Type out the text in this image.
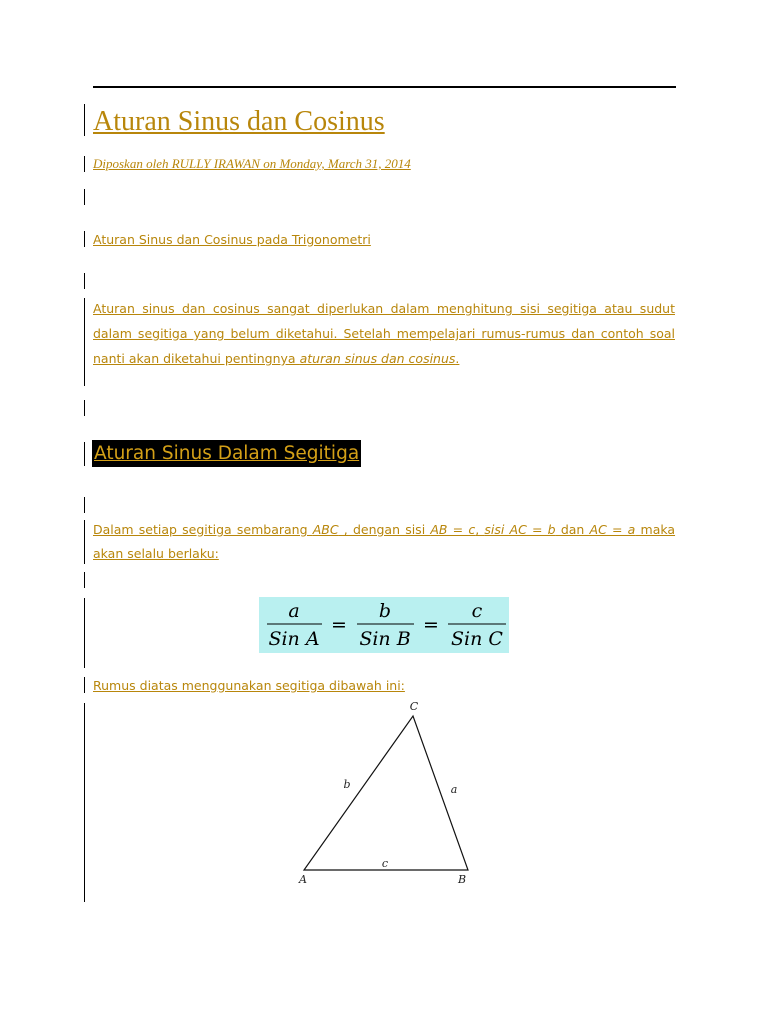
Aturan Sinus dan Cosinus
Diposkan oleh RULLY IRAWAN on Monday, March 31, 2014
Aturan Sinus dan Cosinus pada Trigonometri

Aturan sinus dan cosinus sangat diperlukan dalam menghitung sisi segitiga atau sudut dalam segitiga yang belum diketahui. Setelah mempelajari rumus-rumus dan contoh soal nanti akan diketahui pentingnya aturan sinus dan cosinus.

Aturan Sinus Dalam Segitiga

Dalam setiap segitiga sembarang ABC , dengan sisi AB = c, sisi AC = b dan AC = a maka akan selalu berlaku:

a
Sin A
=
b
Sin B
=
c
Sin C
Rumus diatas menggunakan segitiga dibawah ini:
C
A	B
b	a
c
